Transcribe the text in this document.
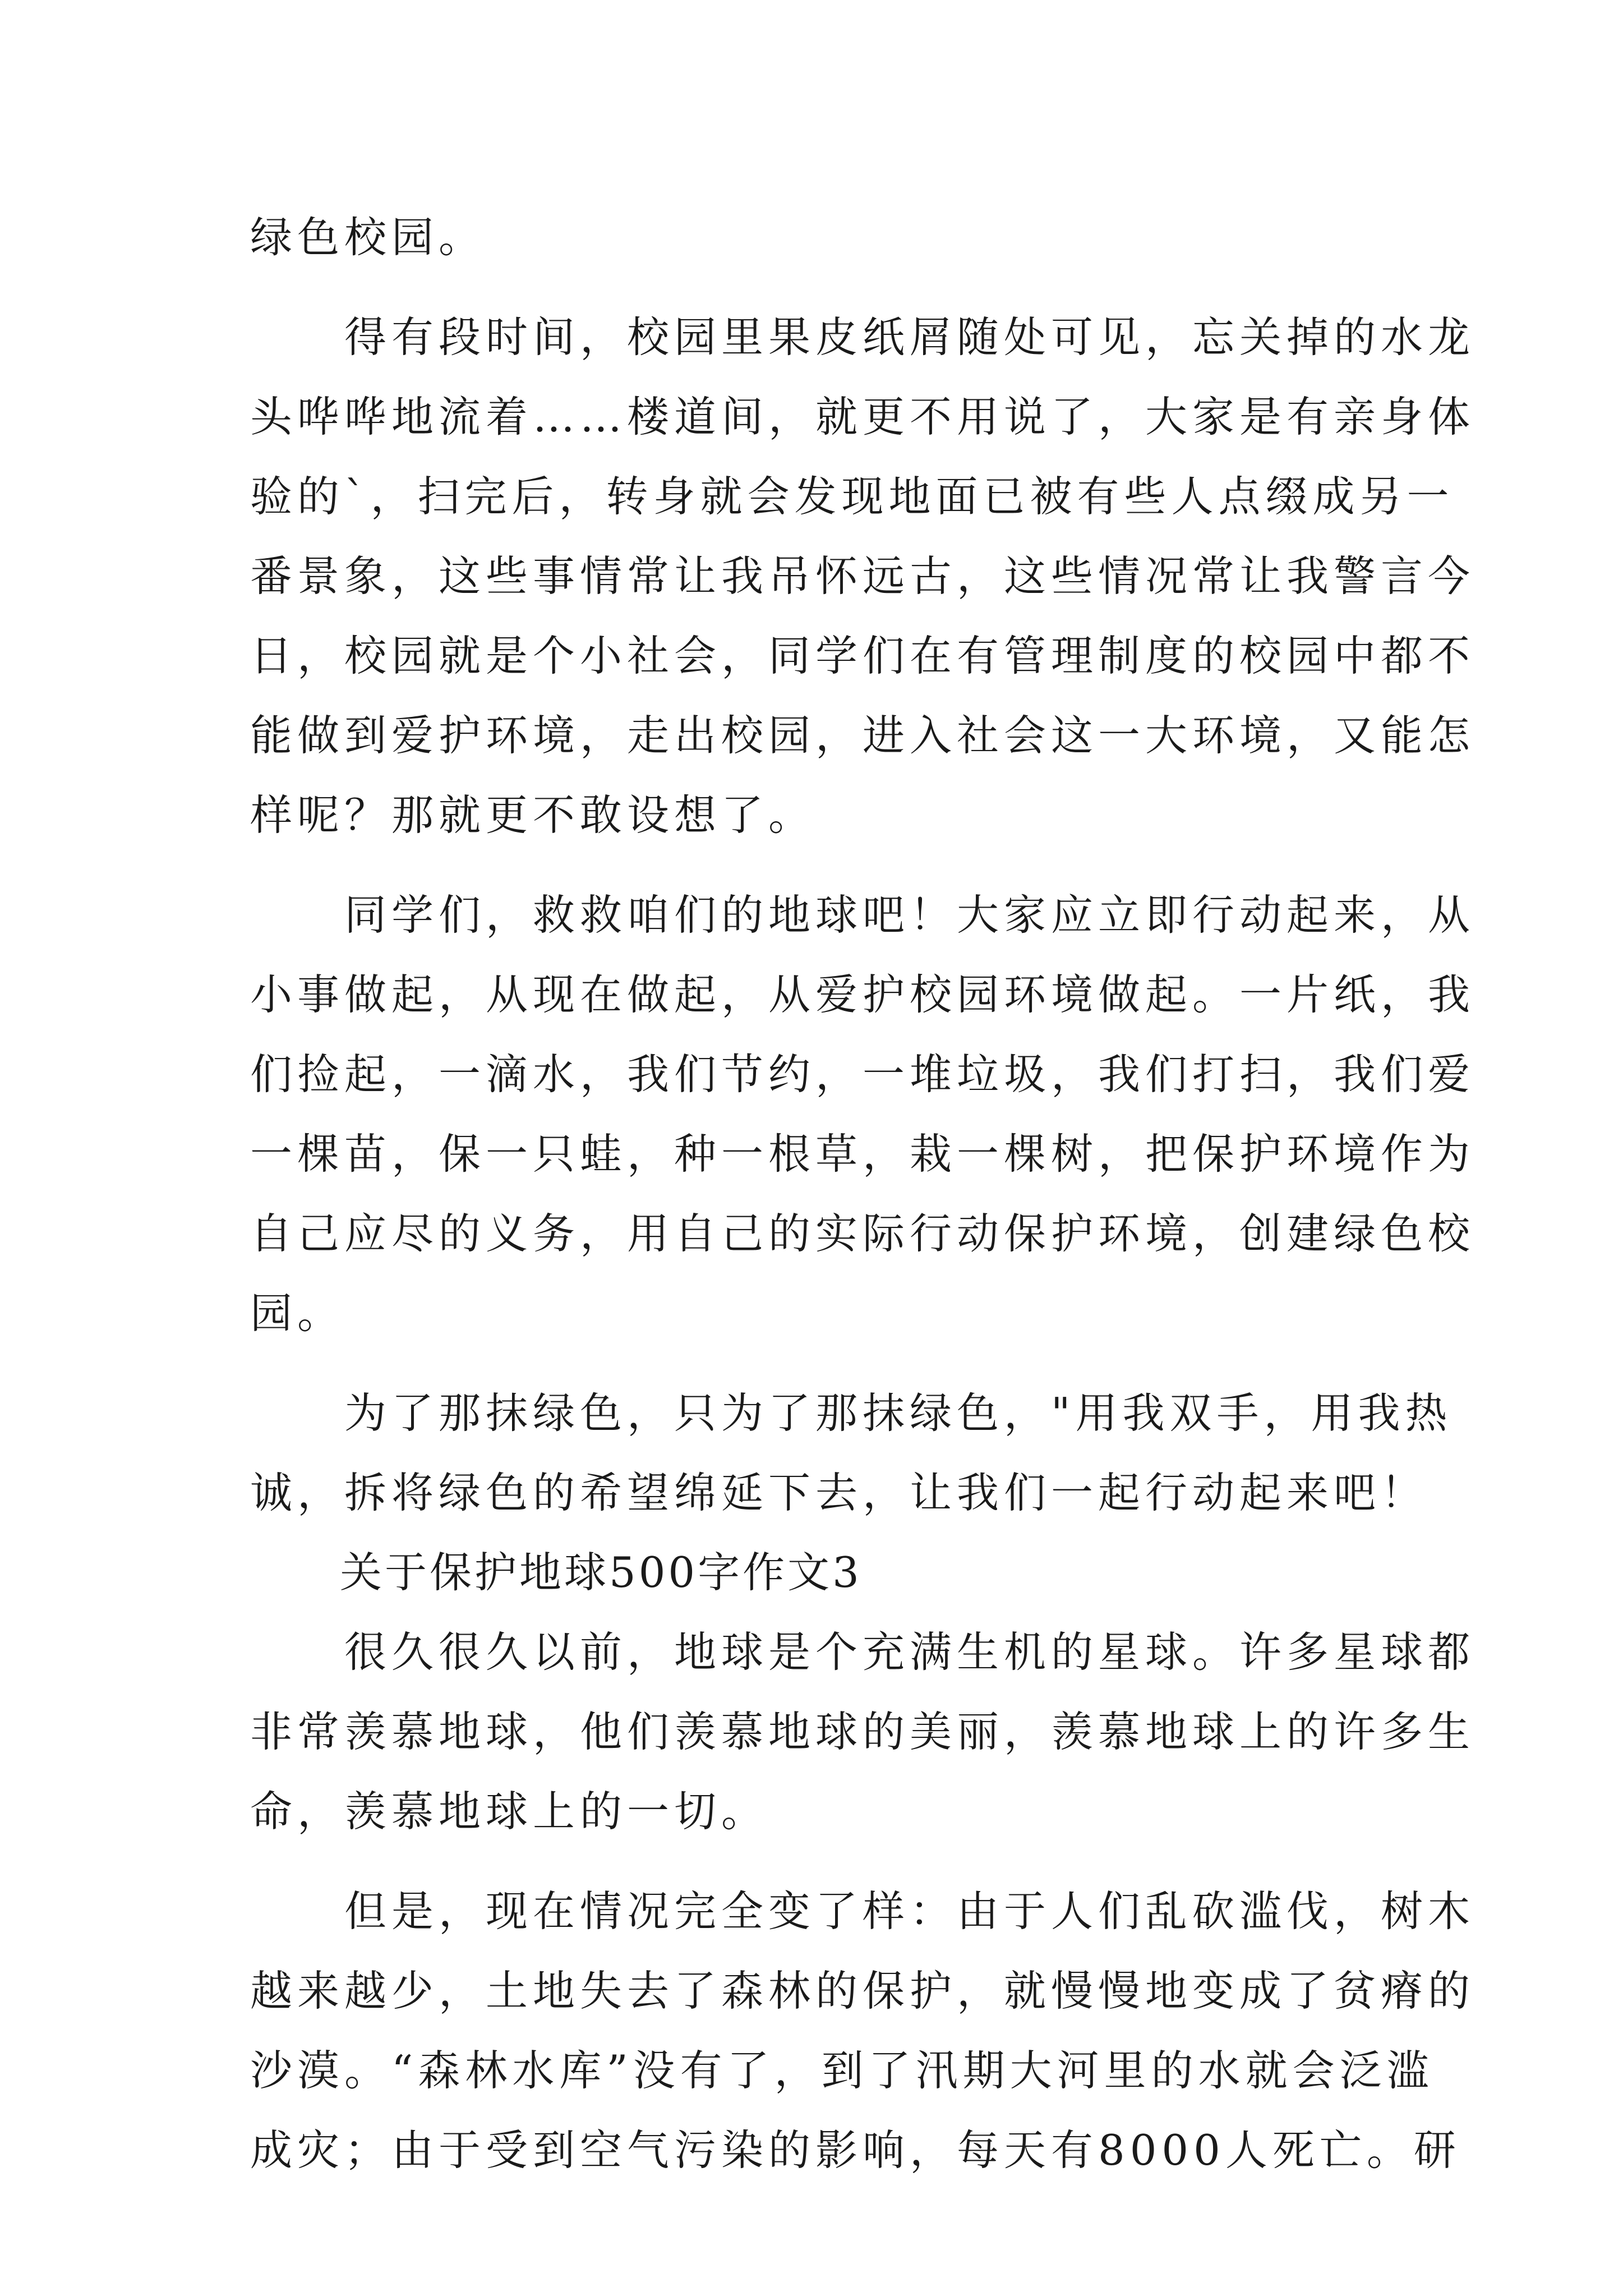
绿色校园。
得有段时间，校园里果皮纸屑随处可见，忘关掉的水龙
头哗哗地流着……楼道间，就更不用说了，大家是有亲身体
验的`，扫完后，转身就会发现地面已被有些人点缀成另一
番景象，这些事情常让我吊怀远古，这些情况常让我警言今
日，校园就是个小社会，同学们在有管理制度的校园中都不
能做到爱护环境，走出校园，进入社会这一大环境，又能怎
样呢？那就更不敢设想了。
同学们，救救咱们的地球吧！大家应立即行动起来，从
小事做起，从现在做起，从爱护校园环境做起。一片纸，我
们捡起，一滴水，我们节约，一堆垃圾，我们打扫，我们爱
一棵苗，保一只蛙，种一根草，栽一棵树，把保护环境作为
自己应尽的义务，用自己的实际行动保护环境，创建绿色校
园。
为了那抹绿色，只为了那抹绿色，"用我双手，用我热
诚，拆将绿色的希望绵延下去，让我们一起行动起来吧！
关于保护地球500字作文3
很久很久以前，地球是个充满生机的星球。许多星球都
非常羡慕地球，他们羡慕地球的美丽，羡慕地球上的许多生
命，羡慕地球上的一切。
但是，现在情况完全变了样：由于人们乱砍滥伐，树木
越来越少，土地失去了森林的保护，就慢慢地变成了贫瘠的
沙漠。“森林水库”没有了，到了汛期大河里的水就会泛滥
成灾；由于受到空气污染的影响，每天有8000人死亡。研
